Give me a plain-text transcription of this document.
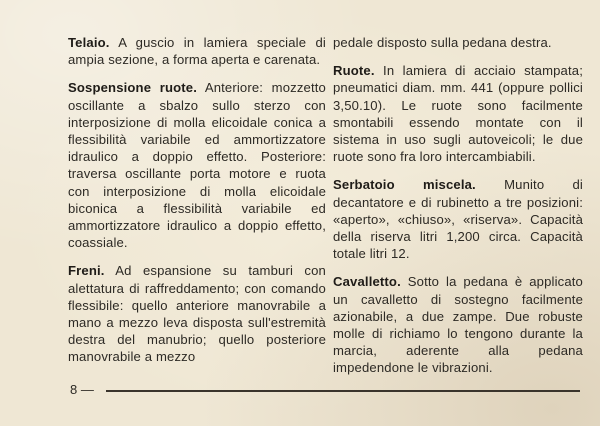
Telaio. A guscio in lamiera speciale di ampia sezione, a forma aperta e carenata.

Sospensione ruote. Anteriore: mozzetto oscillante a sbalzo sullo sterzo con interposizione di molla elicoidale conica a flessibilità variabile ed ammortizzatore idraulico a doppio effetto. Posteriore: traversa oscillante porta motore e ruota con interposizione di molla elicoidale biconica a flessibilità variabile ed ammortizzatore idraulico a doppio effetto, coassiale.

Freni. Ad espansione su tamburi con alettatura di raffreddamento; con comando flessibile: quello anteriore manovrabile a mano a mezzo leva disposta sull'estremità destra del manubrio; quello posteriore manovrabile a mezzo

pedale disposto sulla pedana destra.

Ruote. In lamiera di acciaio stampata; pneumatici diam. mm. 441 (oppure pollici 3,50.10). Le ruote sono facilmente smontabili essendo montate con il sistema in uso sugli autoveicoli; le due ruote sono fra loro intercambiabili.

Serbatoio miscela. Munito di decantatore e di rubinetto a tre posizioni: «aperto», «chiuso», «riserva». Capacità della riserva litri 1,200 circa. Capacità totale litri 12.

Cavalletto. Sotto la pedana è applicato un cavalletto di sostegno facilmente azionabile, a due zampe. Due robuste molle di richiamo lo tengono durante la marcia, aderente alla pedana impedendone le vibrazioni.

8 —
